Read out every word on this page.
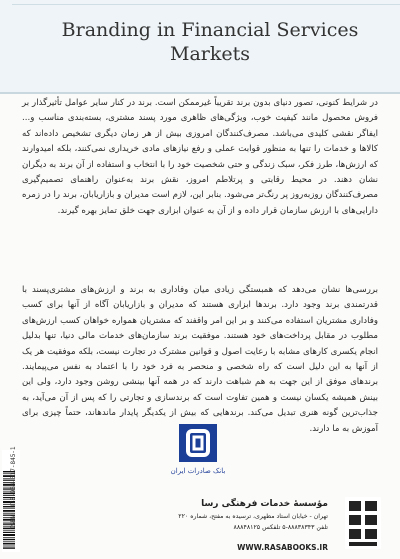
Branding in Financial Services Markets

در شرایط کنونی، تصور دنیای بدون برند تقریباً غیرممکن است. برند در کنار سایر عوامل تأثیرگذار بر فروش محصول مانند کیفیت خوب، ویژگی‌های ظاهری مورد پسند مشتری، بسته‌بندی مناسب و... ایفاگر نقشی کلیدی می‌باشد. مصرف‌کنندگان امروزی بیش از هر زمان دیگری تشخیص داده‌اند که کالاها و خدمات را تنها به منظور قوابت عملی و رفع نیازهای مادی خریداری نمی‌کنند، بلکه امیدوارند که ارزش‌ها، طرز فکر، سبک زندگی و حتی شخصیت خود را با انتخاب و استفاده از آن برند به دیگران نشان دهند. در محیط رقابتی و پرتلاطم امروز، نقش برند به‌عنوان راهنمای تصمیم‌گیری مصرف‌کنندگان روزبه‌روز پر رنگ‌تر می‌شود. بنابر این، لازم است مدیران و بازاریابان، برند را در زمره دارایی‌های با ارزش سازمان قرار داده و از آن به عنوان ابزاری جهت خلق تمایز بهره گیرند.

بررسی‌ها نشان می‌دهد که همبستگی زیادی میان وفاداری به برند و ارزش‌های مشتری‌پسند با قدرتمندی برند وجود دارد. برندها ابزاری هستند که مدیران و بازاریابان آگاه از آنها برای کسب وفاداری مشتریان استفاده می‌کنند و بر این امر واقفند که مشتریان همواره خواهان کسب ارزش‌های مطلوب در مقابل پرداخت‌های خود هستند. موفقیت برند سازمان‌های خدمات مالی دنیا، تنها بدلیل انجام یکسری کارهای مشابه با رعایت اصول و قوانین مشترک در تجارت نیست، بلکه موفقیت هر یک از آنها به این دلیل است که راه شخصی و منحصر به فرد خود را با اعتماد به نفس می‌پیمایند. برندهای موفق از این جهت به هم شباهت دارند که در همه آنها بینشی روشن وجود دارد، ولی این بینش همیشه یکسان نیست و همین تفاوت است که برندسازی و تجارتی را که پس از آن می‌آید، به جذاب‌ترین گونه هنری تبدیل می‌کند. برندهایی که بیش از یکدیگر پایدار ماندهاند، حتماً چیزی برای آموزش به ما دارند.

بانک صادرات ایران
ISBN: 978-964-317-845-1	مؤسسهٔ خدمات فرهنگی رسا
تهران - خیابان استاد مطهری، ترسیده به مفتح، شماره ۲۲۰
تلفن ۸۸۸۳۸۳۴۳-۵ تلفکس ۸۸۸۴۸۱۲۵
WWW.RASABOOKS.IR
